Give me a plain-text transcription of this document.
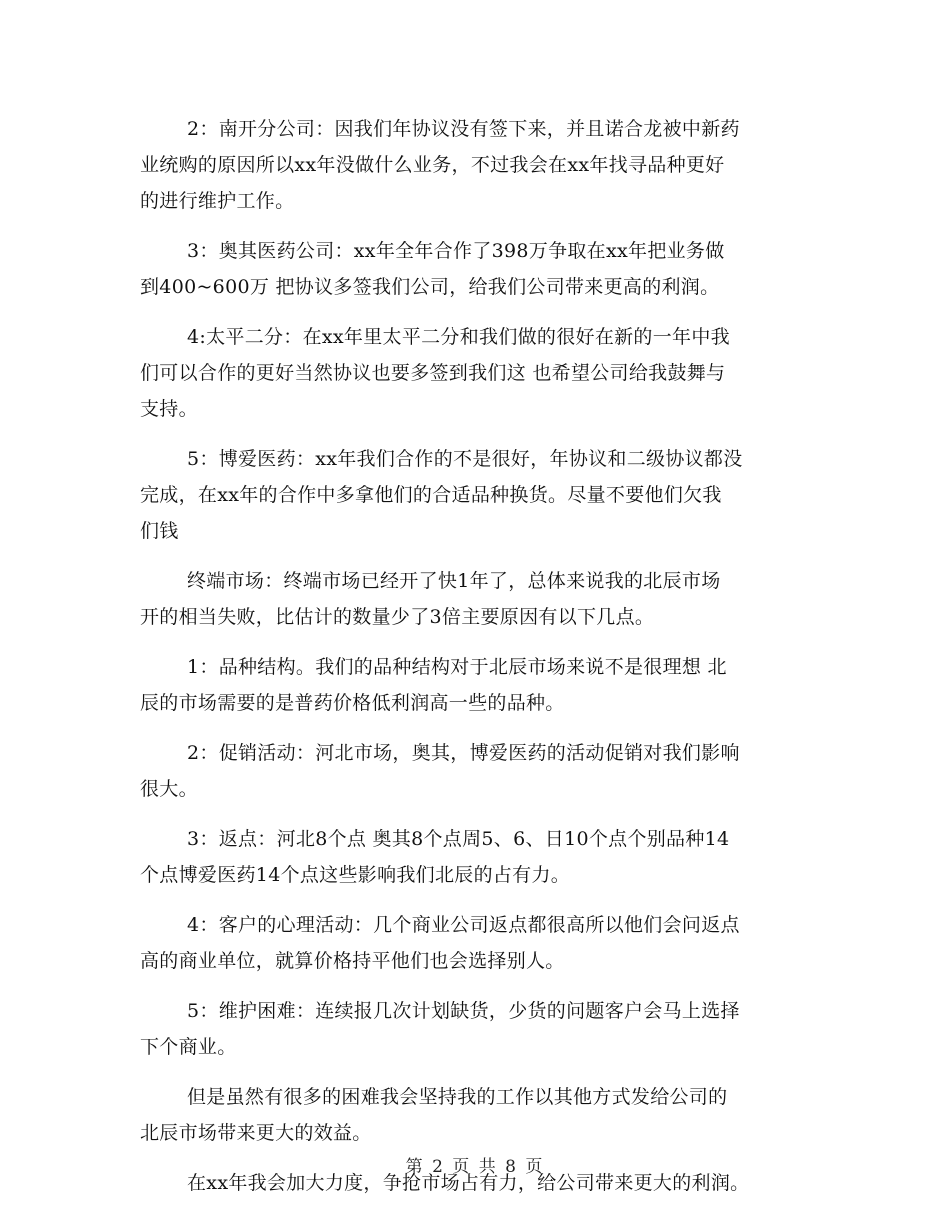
2：南开分公司：因我们年协议没有签下来，并且诺合龙被中新药
业统购的原因所以xx年没做什么业务，不过我会在xx年找寻品种更好
的进行维护工作。

3：奥其医药公司：xx年全年合作了398万争取在xx年把业务做
到400~600万 把协议多签我们公司，给我们公司带来更高的利润。

4:太平二分：在xx年里太平二分和我们做的很好在新的一年中我
们可以合作的更好当然协议也要多签到我们这 也希望公司给我鼓舞与
支持。

5：博爱医药：xx年我们合作的不是很好，年协议和二级协议都没
完成，在xx年的合作中多拿他们的合适品种换货。尽量不要他们欠我
们钱

终端市场：终端市场已经开了快1年了，总体来说我的北辰市场
开的相当失败，比估计的数量少了3倍主要原因有以下几点。

1：品种结构。我们的品种结构对于北辰市场来说不是很理想 北
辰的市场需要的是普药价格低利润高一些的品种。

2：促销活动：河北市场，奥其，博爱医药的活动促销对我们影响
很大。

3：返点：河北8个点 奥其8个点周5、6、日10个点个别品种14
个点博爱医药14个点这些影响我们北辰的占有力。

4：客户的心理活动：几个商业公司返点都很高所以他们会问返点
高的商业单位，就算价格持平他们也会选择别人。

5：维护困难：连续报几次计划缺货，少货的问题客户会马上选择
下个商业。

但是虽然有很多的困难我会坚持我的工作以其他方式发给公司的
北辰市场带来更大的效益。

在xx年我会加大力度，争抢市场占有力，给公司带来更大的利润。

第 2 页 共 8 页
